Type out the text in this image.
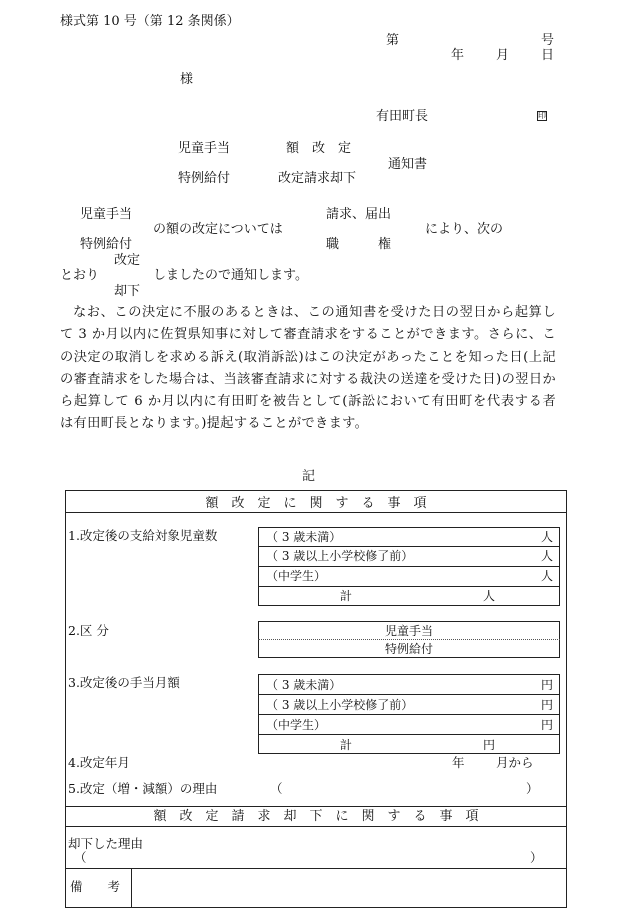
様式第 10 号（第 12 条関係）
第	号
年 月 日
様
有田町長	印
児童手当	額　改　定
通知書
特例給付	改定請求却下
児童手当	請求、届出
の額の改定については	により、次の
特例給付	職　　　権
改定
とおり	しましたので通知します。
却下
なお、この決定に不服のあるときは、この通知書を受けた日の翌日から起算して 3 か月以内に佐賀県知事に対して審査請求をすることができます。さらに、この決定の取消しを求める訴え(取消訴訟)はこの決定があったことを知った日(上記の審査請求をした場合は、当該審査請求に対する裁決の送達を受けた日)の翌日から起算して 6 か月以内に有田町を被告として(訴訟において有田町を代表する者は有田町長となります。)提起することができます。
記
額　改　定　に　関　す　る　事　項
1.改定後の支給対象児童数	（ 3 歳未満）	人
（ 3 歳以上小学校修了前）	人
（中学生）	人
計	人
2.区 分	児童手当
特例給付
3.改定後の手当月額	（ 3 歳未満）	円
（ 3 歳以上小学校修了前）	円
（中学生）	円
計	円
4.改定年月	年	月から
5.改定（増・減額）の理由	（	）
額　改　定　請　求　却　下　に　関　す　る　事　項
却下した理由
（	）
備　　考
